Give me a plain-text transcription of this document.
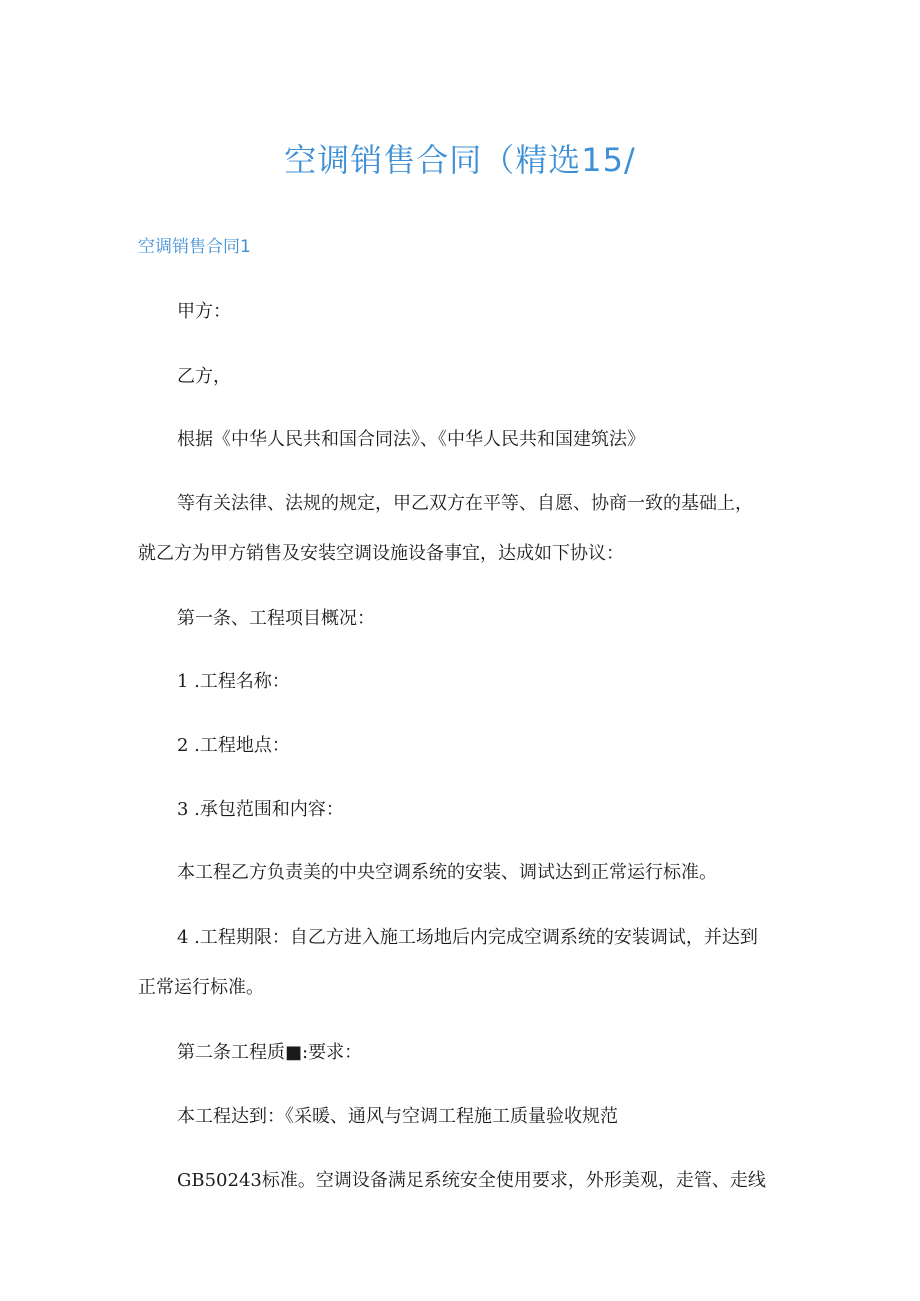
空调销售合同（精选15/

空调销售合同1

甲方：

乙方，

根据《中华人民共和国合同法》、《中华人民共和国建筑法》

等有关法律、法规的规定，甲乙双方在平等、自愿、协商一致的基础上，

就乙方为甲方销售及安装空调设施设备事宜，达成如下协议：

第一条、工程项目概况：

1 .工程名称：

2 .工程地点：

3 .承包范围和内容：

本工程乙方负责美的中央空调系统的安装、调试达到正常运行标准。

4 .工程期限：自乙方进入施工场地后内完成空调系统的安装调试，并达到

正常运行标准。

第二条工程质■:要求：

本工程达到：《采暖、通风与空调工程施工质量验收规范

GB50243标准。空调设备满足系统安全使用要求，外形美观，走管、走线
